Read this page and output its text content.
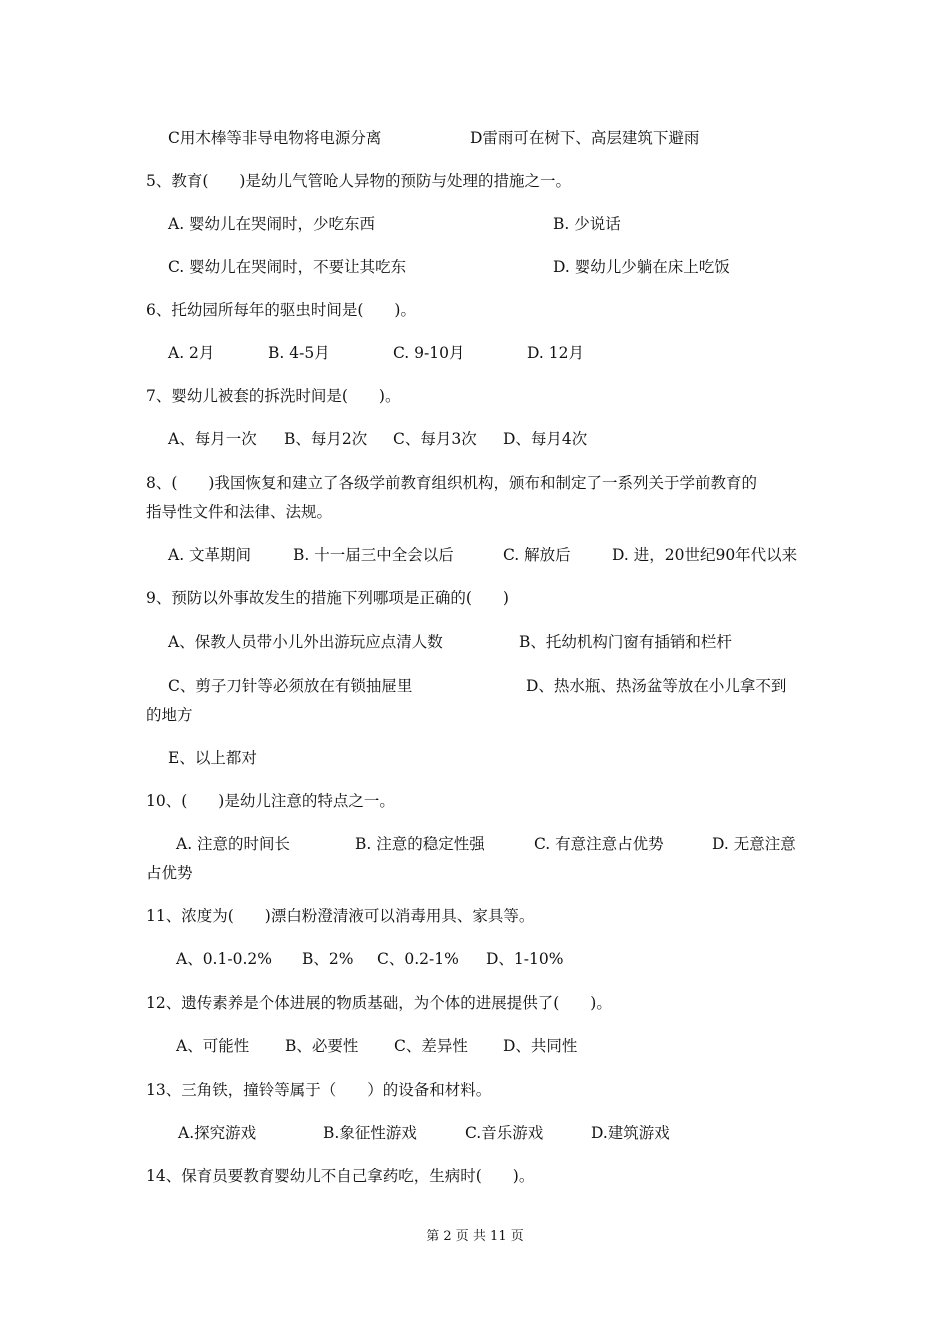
C用木棒等非导电物将电源分离	D雷雨可在树下、高层建筑下避雨
5、教育(　　)是幼儿气管呛人异物的预防与处理的措施之一。
A. 婴幼儿在哭闹时，少吃东西	B. 少说话
C. 婴幼儿在哭闹时，不要让其吃东	D. 婴幼儿少躺在床上吃饭
6、托幼园所每年的驱虫时间是(　　)。
A. 2月	B. 4-5月	C. 9-10月	D. 12月
7、婴幼儿被套的拆洗时间是(　　)。
A、每月一次 B、每月2次 C、每月3次 D、每月4次
8、(　　)我国恢复和建立了各级学前教育组织机构，颁布和制定了一系列关于学前教育的
指导性文件和法律、法规。
A. 文革期间	B. 十一届三中全会以后	C. 解放后	D. 进，20世纪90年代以来
9、预防以外事故发生的措施下列哪项是正确的(　　)
A、保教人员带小儿外出游玩应点清人数	B、托幼机构门窗有插销和栏杆
C、剪子刀针等必须放在有锁抽屉里	D、热水瓶、热汤盆等放在小儿拿不到
的地方
E、以上都对
10、(　　)是幼儿注意的特点之一。
A. 注意的时间长	B. 注意的稳定性强	C. 有意注意占优势	D. 无意注意
占优势
11、浓度为(　　)漂白粉澄清液可以消毒用具、家具等。
A、0.1-0.2% B、2% C、0.2-1% D、1-10%
12、遗传素养是个体进展的物质基础，为个体的进展提供了(　　)。
A、可能性 B、必要性 C、差异性 D、共同性
13、三角铁，撞铃等属于（　　）的设备和材料。
A.探究游戏	B.象征性游戏	C.音乐游戏	D.建筑游戏
14、保育员要教育婴幼儿不自己拿药吃，生病时(　　)。
第 2 页 共 11 页
